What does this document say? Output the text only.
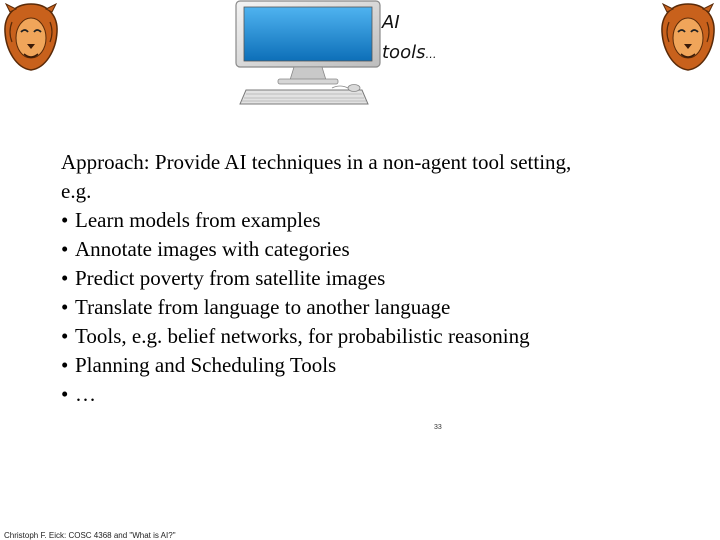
AI
tools…
Approach: Provide AI techniques in a non-agent tool setting,
e.g.
• Learn models from examples
• Annotate images with categories
• Predict poverty from satellite images
• Translate from language to another language
• Tools, e.g. belief networks, for probabilistic reasoning
• Planning and Scheduling Tools
• …
33
Christoph F. Eick: COSC 4368 and "What is AI?"
